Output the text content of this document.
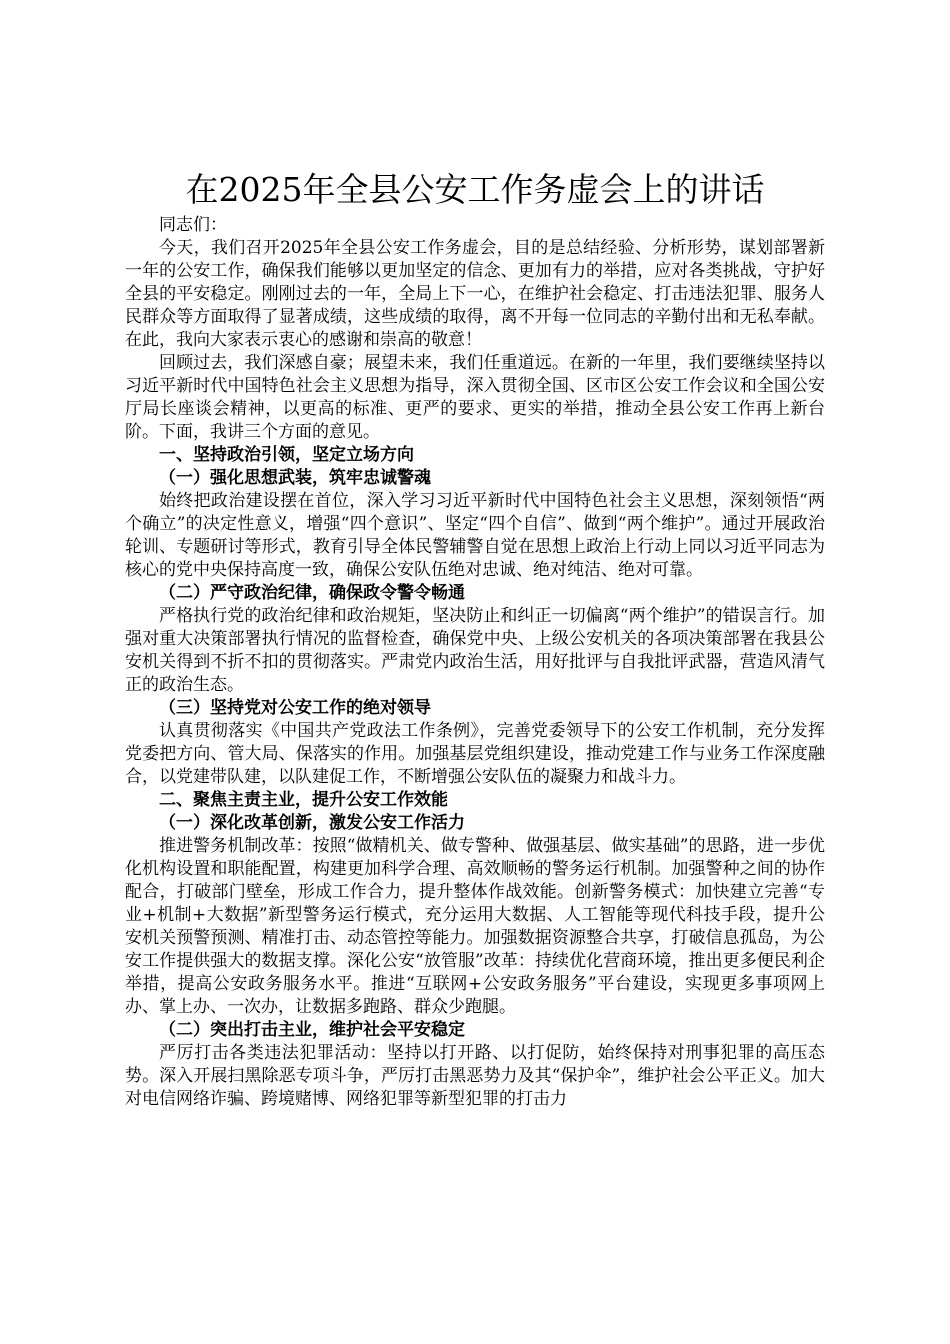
在2025年全县公安工作务虚会上的讲话

同志们：

今天，我们召开2025年全县公安工作务虚会，目的是总结经验、分析形势，谋划部署新一年的公安工作，确保我们能够以更加坚定的信念、更加有力的举措，应对各类挑战，守护好全县的平安稳定。刚刚过去的一年，全局上下一心，在维护社会稳定、打击违法犯罪、服务人民群众等方面取得了显著成绩，这些成绩的取得，离不开每一位同志的辛勤付出和无私奉献。在此，我向大家表示衷心的感谢和崇高的敬意！

回顾过去，我们深感自豪；展望未来，我们任重道远。在新的一年里，我们要继续坚持以习近平新时代中国特色社会主义思想为指导，深入贯彻全国、区市区公安工作会议和全国公安厅局长座谈会精神，以更高的标准、更严的要求、更实的举措，推动全县公安工作再上新台阶。下面，我讲三个方面的意见。

一、坚持政治引领，坚定立场方向

（一）强化思想武装，筑牢忠诚警魂

始终把政治建设摆在首位，深入学习习近平新时代中国特色社会主义思想，深刻领悟“两个确立”的决定性意义，增强“四个意识”、坚定“四个自信”、做到“两个维护”。通过开展政治轮训、专题研讨等形式，教育引导全体民警辅警自觉在思想上政治上行动上同以习近平同志为核心的党中央保持高度一致，确保公安队伍绝对忠诚、绝对纯洁、绝对可靠。

（二）严守政治纪律，确保政令警令畅通

严格执行党的政治纪律和政治规矩，坚决防止和纠正一切偏离“两个维护”的错误言行。加强对重大决策部署执行情况的监督检查，确保党中央、上级公安机关的各项决策部署在我县公安机关得到不折不扣的贯彻落实。严肃党内政治生活，用好批评与自我批评武器，营造风清气正的政治生态。

（三）坚持党对公安工作的绝对领导

认真贯彻落实《中国共产党政法工作条例》，完善党委领导下的公安工作机制，充分发挥党委把方向、管大局、保落实的作用。加强基层党组织建设，推动党建工作与业务工作深度融合，以党建带队建，以队建促工作，不断增强公安队伍的凝聚力和战斗力。

二、聚焦主责主业，提升公安工作效能

（一）深化改革创新，激发公安工作活力

推进警务机制改革：按照“做精机关、做专警种、做强基层、做实基础”的思路，进一步优化机构设置和职能配置，构建更加科学合理、高效顺畅的警务运行机制。加强警种之间的协作配合，打破部门壁垒，形成工作合力，提升整体作战效能。创新警务模式：加快建立完善“专业+机制+大数据”新型警务运行模式，充分运用大数据、人工智能等现代科技手段，提升公安机关预警预测、精准打击、动态管控等能力。加强数据资源整合共享，打破信息孤岛，为公安工作提供强大的数据支撑。深化公安“放管服”改革：持续优化营商环境，推出更多便民利企举措，提高公安政务服务水平。推进“互联网+公安政务服务”平台建设，实现更多事项网上办、掌上办、一次办，让数据多跑路、群众少跑腿。

（二）突出打击主业，维护社会平安稳定

严厉打击各类违法犯罪活动：坚持以打开路、以打促防，始终保持对刑事犯罪的高压态势。深入开展扫黑除恶专项斗争，严厉打击黑恶势力及其“保护伞”，维护社会公平正义。加大对电信网络诈骗、跨境赌博、网络犯罪等新型犯罪的打击力
